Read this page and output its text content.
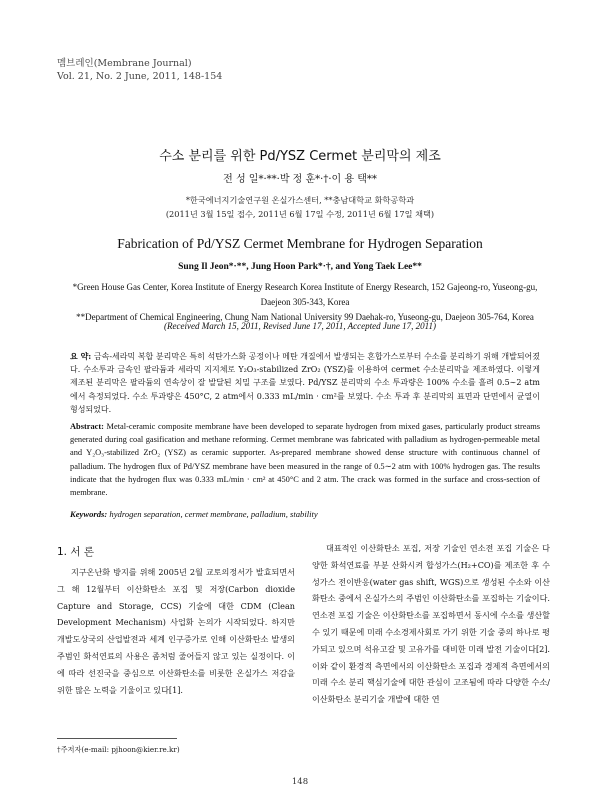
멤브레인(Membrane Journal)
Vol. 21, No. 2 June, 2011, 148-154
수소 분리를 위한 Pd/YSZ Cermet 분리막의 제조
전 성 일*·**·박 정 훈*·†·이 용 택**
*한국에너지기술연구원 온실가스센터, **충남대학교 화학공학과
(2011년 3월 15일 접수, 2011년 6월 17일 수정, 2011년 6월 17일 채택)
Fabrication of Pd/YSZ Cermet Membrane for Hydrogen Separation
Sung Il Jeon*·**, Jung Hoon Park*·†, and Yong Taek Lee**
*Green House Gas Center, Korea Institute of Energy Research Korea Institute of Energy Research, 152 Gajeong-ro, Yuseong-gu, Daejeon 305-343, Korea
**Department of Chemical Engineering, Chung Nam National University 99 Daehak-ro, Yuseong-gu, Daejeon 305-764, Korea
(Received March 15, 2011, Revised June 17, 2011, Accepted June 17, 2011)
요 약: 금속-세라믹 복합 분리막은 특히 석탄가스화 공정이나 메탄 개질에서 발생되는 혼합가스로부터 수소를 분리하기 위해 개발되어졌다. 수소투과 금속인 팔라듐과 세라믹 지지체로 Y₂O₃-stabilized ZrO₂ (YSZ)를 이용하여 cermet 수소분리막을 제조하였다. 이렇게 제조된 분리막은 팔라듐의 연속상이 잘 발달된 치밀 구조를 보였다. Pd/YSZ 분리막의 수소 투과량은 100% 수소를 흘려 0.5∼2 atm에서 측정되었다. 수소 투과량은 450°C, 2 atm에서 0.333 mL/min · cm²를 보였다. 수소 투과 후 분리막의 표면과 단면에서 균열이 형성되었다.
Abstract: Metal-ceramic composite membrane have been developed to separate hydrogen from mixed gases, particularly product streams generated during coal gasification and methane reforming. Cermet membrane was fabricated with palladium as hydrogen-permeable metal and Y₂O₃-stabilized ZrO₂ (YSZ) as ceramic supporter. As-prepared membrane showed dense structure with continuous channel of palladium. The hydrogen flux of Pd/YSZ membrane have been measured in the range of 0.5∼2 atm with 100% hydrogen gas. The results indicate that the hydrogen flux was 0.333 mL/min · cm² at 450°C and 2 atm. The crack was formed in the surface and cross-section of membrane.
Keywords: hydrogen separation, cermet membrane, palladium, stability
1. 서 론

지구온난화 방지를 위해 2005년 2월 교토의정서가 발효되면서 그 해 12월부터 이산화탄소 포집 및 저장(Carbon dioxide Capture and Storage, CCS) 기술에 대한 CDM (Clean Development Mechanism) 사업화 논의가 시작되었다. 하지만 개발도상국의 산업발전과 세계 인구증가로 인해 이산화탄소 발생의 주범인 화석연료의 사용은 좀처럼 줄어들지 않고 있는 실정이다. 이에 따라 선진국을 중심으로 이산화탄소를 비롯한 온실가스 저감을 위한 많은 노력을 기울이고 있다[1].

대표적인 이산화탄소 포집, 저장 기술인 연소전 포집 기술은 다양한 화석연료를 부분 산화시켜 합성가스(H₂+CO)를 제조한 후 수성가스 전이반응(water gas shift, WGS)으로 생성된 수소와 이산화탄소 중에서 온실가스의 주범인 이산화탄소를 포집하는 기술이다. 연소전 포집 기술은 이산화탄소를 포집하면서 동시에 수소를 생산할 수 있기 때문에 미래 수소경제사회로 가기 위한 기술 중의 하나로 평가되고 있으며 석유고갈 및 고유가를 대비한 미래 발전 기술이다[2]. 이와 같이 환경적 측면에서의 이산화탄소 포집과 경제적 측면에서의 미래 수소 분리 핵심기술에 대한 관심이 고조됨에 따라 다양한 수소/이산화탄소 분리기술 개발에 대한 연

†주저자(e-mail: pjhoon@kier.re.kr)
148
